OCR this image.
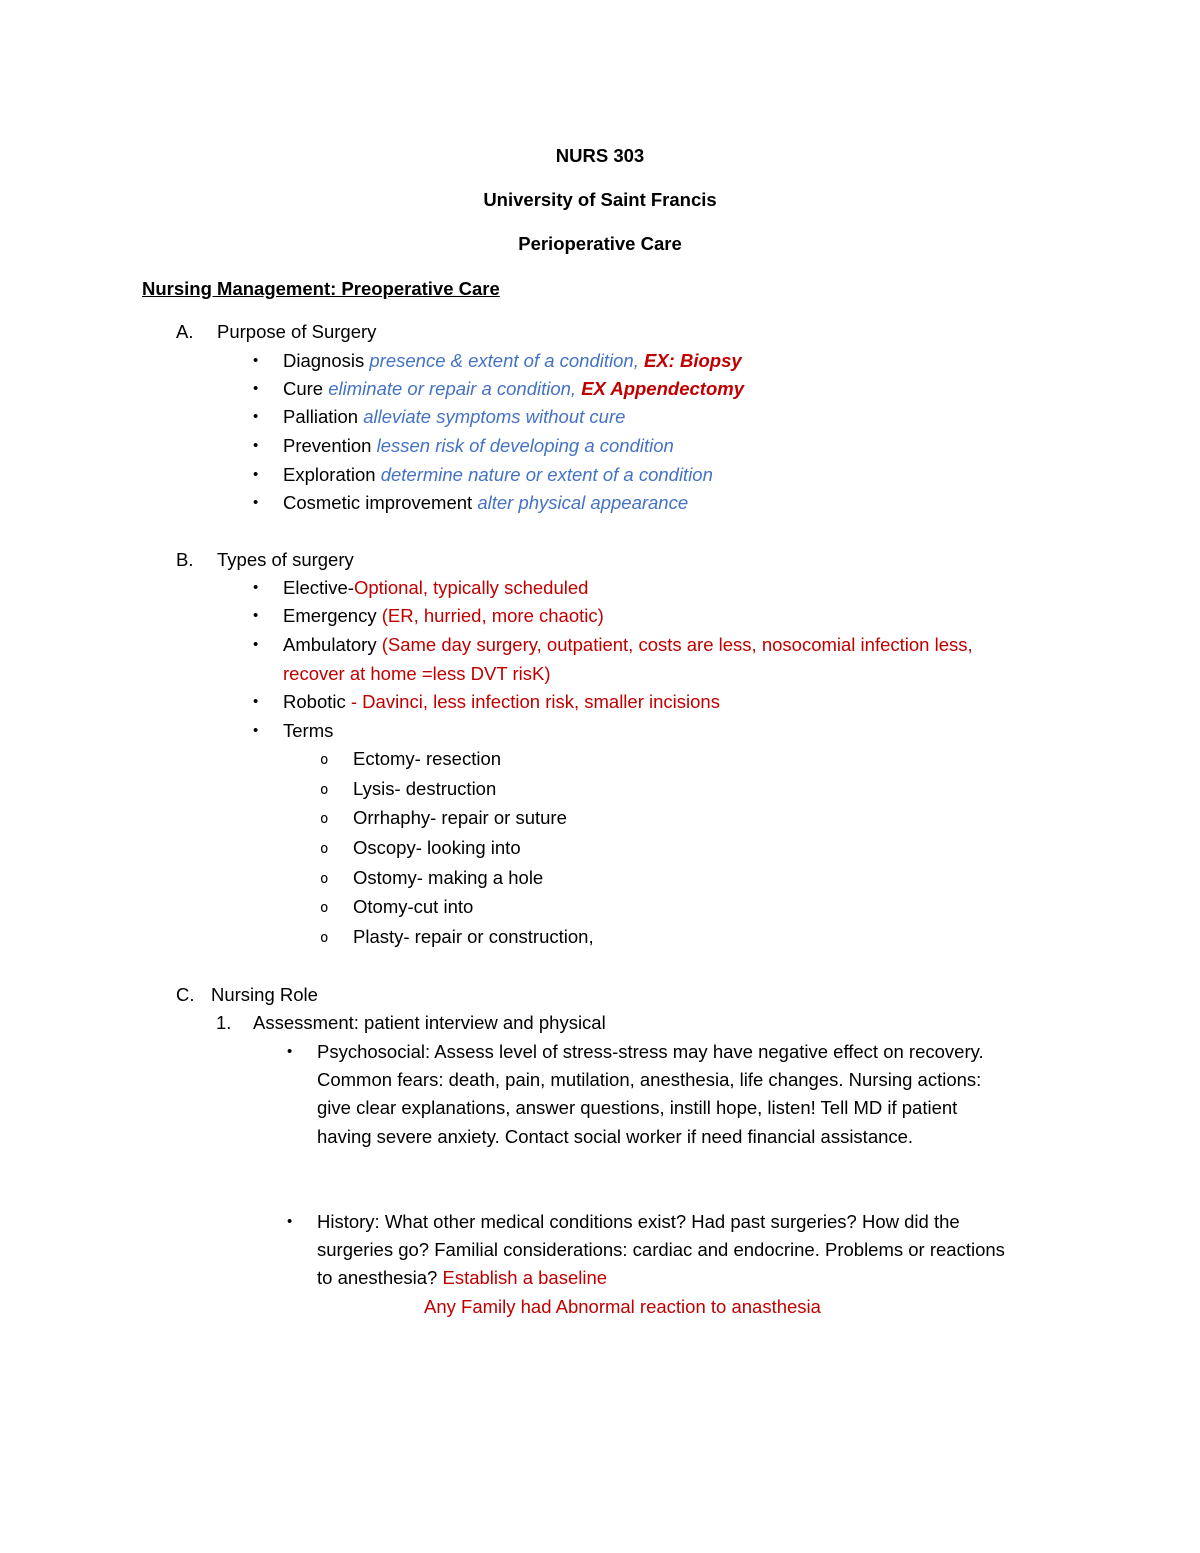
NURS 303
University of Saint Francis
Perioperative Care
Nursing Management: Preoperative Care
A. Purpose of Surgery
• Diagnosis presence & extent of a condition, EX: Biopsy
• Cure eliminate or repair a condition, EX Appendectomy
• Palliation alleviate symptoms without cure
• Prevention lessen risk of developing a condition
• Exploration determine nature or extent of a condition
• Cosmetic improvement alter physical appearance
B. Types of surgery
• Elective-Optional, typically scheduled
• Emergency (ER, hurried, more chaotic)
• Ambulatory (Same day surgery, outpatient, costs are less, nosocomial infection less,
recover at home =less DVT risK)
• Robotic - Davinci, less infection risk, smaller incisions
• Terms
o Ectomy- resection
o Lysis- destruction
o Orrhaphy- repair or suture
o Oscopy- looking into
o Ostomy- making a hole
o Otomy-cut into
o Plasty- repair or construction,
C. Nursing Role
1. Assessment: patient interview and physical
• Psychosocial: Assess level of stress-stress may have negative effect on recovery.
Common fears: death, pain, mutilation, anesthesia, life changes. Nursing actions:
give clear explanations, answer questions, instill hope, listen! Tell MD if patient
having severe anxiety. Contact social worker if need financial assistance.
• History: What other medical conditions exist? Had past surgeries? How did the
surgeries go? Familial considerations: cardiac and endocrine. Problems or reactions
to anesthesia? Establish a baseline
Any Family had Abnormal reaction to anasthesia
